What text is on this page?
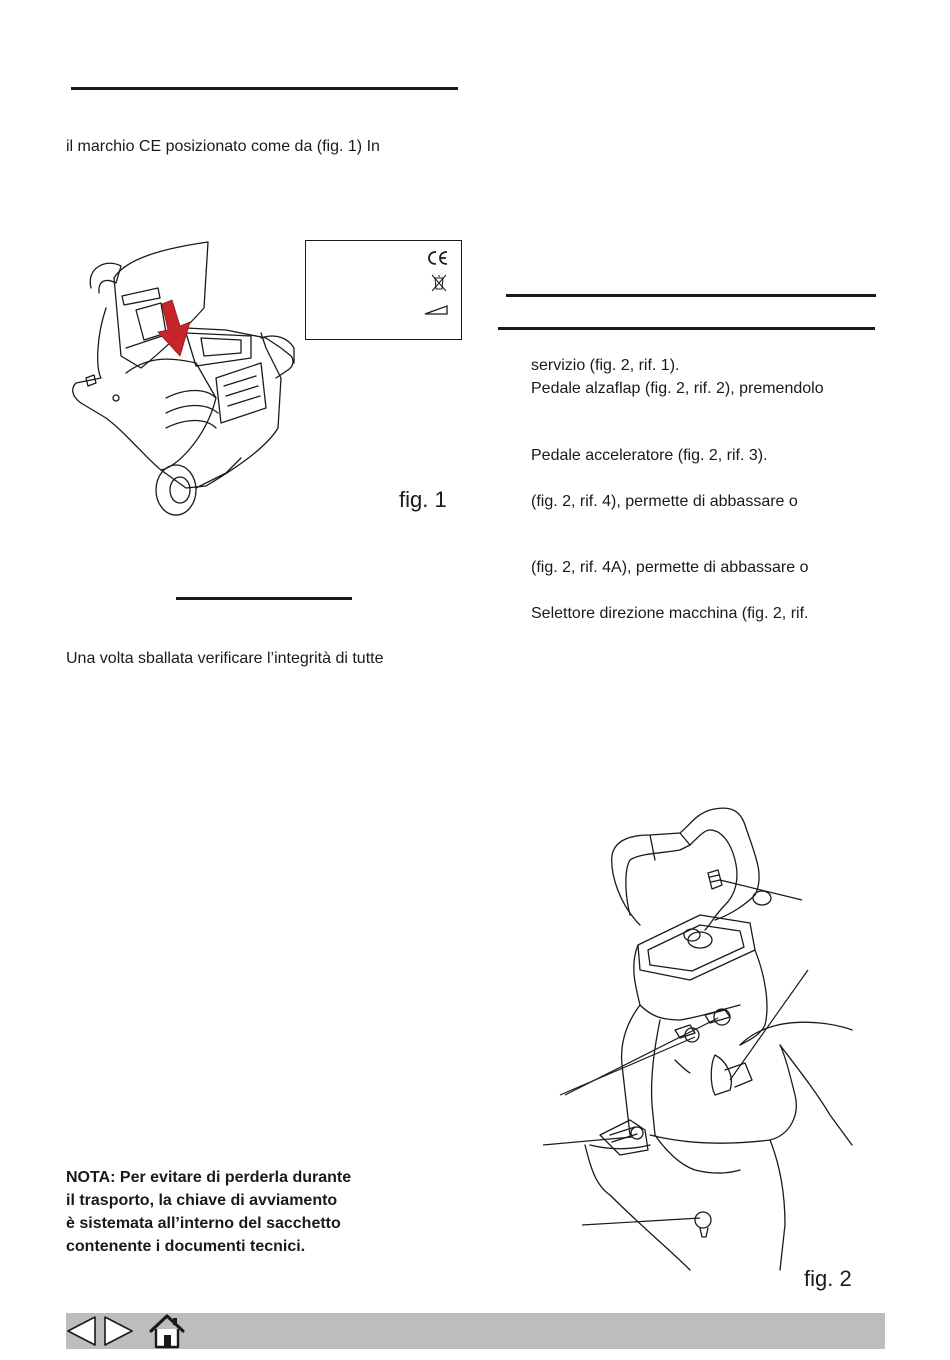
il marchio CE posizionato come da (fig. 1) In
fig. 1
Una volta sballata verificare l’integrità di tutte
servizio (fig. 2, rif. 1).
Pedale alzaflap (fig. 2, rif. 2), premendolo
Pedale acceleratore (fig. 2, rif. 3).
(fig. 2, rif. 4), permette di abbassare o
(fig. 2, rif. 4A), permette di abbassare o
Selettore direzione macchina (fig. 2, rif.
fig. 2
NOTA: Per evitare di perderla durante
il trasporto, la chiave di avviamento
è sistemata all’interno del sacchetto
contenente i documenti tecnici.
